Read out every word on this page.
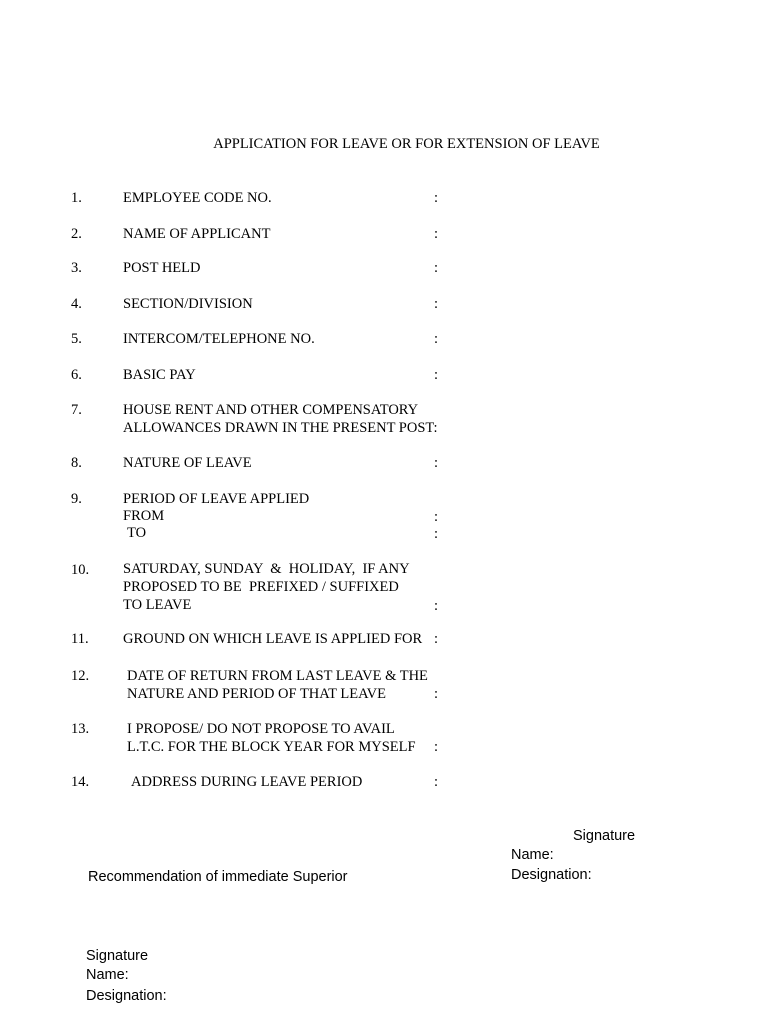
APPLICATION FOR LEAVE OR FOR EXTENSION OF LEAVE
1.	EMPLOYEE CODE NO.	:
2.	NAME OF APPLICANT	:
3.	POST HELD	:
4.	SECTION/DIVISION	:
5.	INTERCOM/TELEPHONE NO.	:
6.	BASIC PAY	:
7.	HOUSE RENT AND OTHER COMPENSATORY
ALLOWANCES DRAWN IN THE PRESENT POST:
8.	NATURE OF LEAVE	:
9.	PERIOD OF LEAVE APPLIED
FROM	:
TO	:
10. SATURDAY, SUNDAY  &  HOLIDAY,  IF ANY
PROPOSED TO BE  PREFIXED / SUFFIXED
TO LEAVE	:
11. GROUND ON WHICH LEAVE IS APPLIED FOR :
12.	DATE OF RETURN FROM LAST LEAVE & THE
NATURE AND PERIOD OF THAT LEAVE	:
13.	I PROPOSE/ DO NOT PROPOSE TO AVAIL
L.T.C. FOR THE BLOCK YEAR FOR MYSELF :
14.	ADDRESS DURING LEAVE PERIOD	:
Signature
Name:
Designation:
Recommendation of immediate Superior
Signature
Name:
Designation:
